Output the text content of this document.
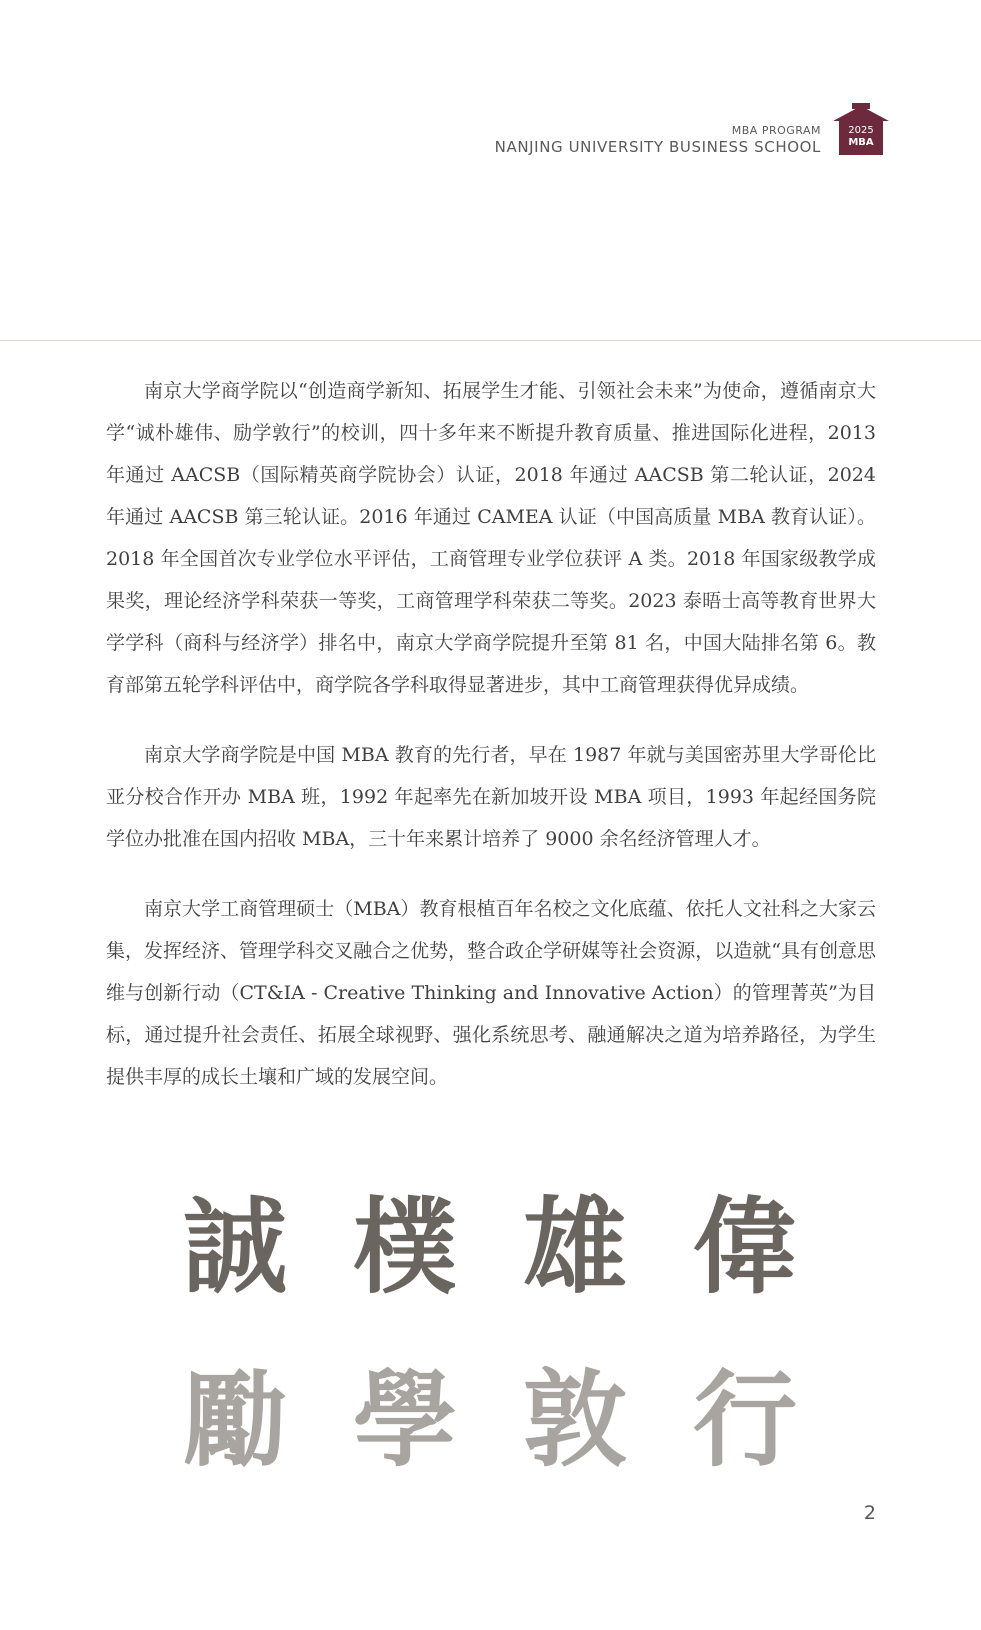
MBA PROGRAM
NANJING UNIVERSITY BUSINESS SCHOOL
2025
MBA

南京大学商学院以“创造商学新知、拓展学生才能、引领社会未来”为使命，遵循南京大学“诚朴雄伟、励学敦行”的校训，四十多年来不断提升教育质量、推进国际化进程，2013 年通过 AACSB（国际精英商学院协会）认证，2018 年通过 AACSB 第二轮认证，2024 年通过 AACSB 第三轮认证。2016 年通过 CAMEA 认证（中国高质量 MBA 教育认证）。2018 年全国首次专业学位水平评估，工商管理专业学位获评 A 类。2018 年国家级教学成果奖，理论经济学科荣获一等奖，工商管理学科荣获二等奖。2023 泰晤士高等教育世界大学学科（商科与经济学）排名中，南京大学商学院提升至第 81 名，中国大陆排名第 6。教育部第五轮学科评估中，商学院各学科取得显著进步，其中工商管理获得优异成绩。

南京大学商学院是中国 MBA 教育的先行者，早在 1987 年就与美国密苏里大学哥伦比亚分校合作开办 MBA 班，1992 年起率先在新加坡开设 MBA 项目，1993 年起经国务院学位办批准在国内招收 MBA，三十年来累计培养了 9000 余名经济管理人才。

南京大学工商管理硕士（MBA）教育根植百年名校之文化底蕴、依托人文社科之大家云集，发挥经济、管理学科交叉融合之优势，整合政企学研媒等社会资源，以造就“具有创意思维与创新行动（CT&IA - Creative Thinking and Innovative Action）的管理菁英”为目标，通过提升社会责任、拓展全球视野、强化系统思考、融通解决之道为培养路径，为学生提供丰厚的成长土壤和广域的发展空间。

誠 樸 雄 偉
勵 學 敦 行
2
